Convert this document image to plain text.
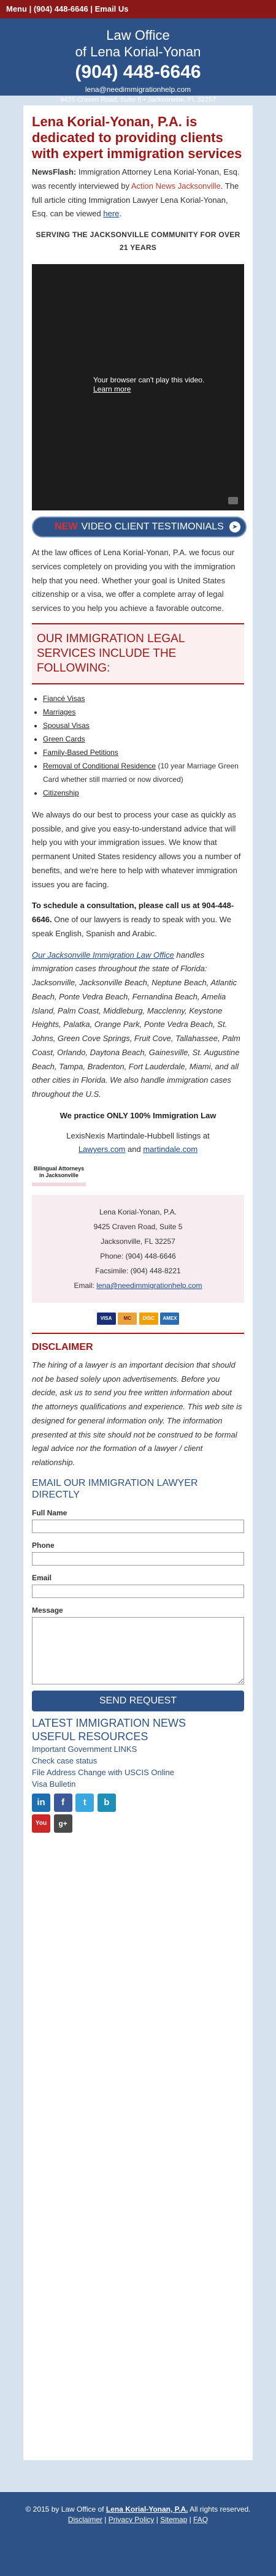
Menu | (904) 448-6646 | Email Us
Law Office
of Lena Korial-Yonan
(904) 448-6646
lena@needimmigrationhelp.com
9425 Craven Road, Suite 5 • Jacksonville, FL 32257
Lena Korial-Yonan, P.A. is dedicated to providing clients with expert immigration services

NewsFlash: Immigration Attorney Lena Korial-Yonan, Esq. was recently interviewed by Action News Jacksonville. The full article citing Immigration Lawyer Lena Korial-Yonan, Esq. can be viewed here.

SERVING THE JACKSONVILLE COMMUNITY FOR OVER 21 YEARS
Your browser can't play this video.
Learn more
NEW VIDEO CLIENT TESTIMONIALS	➤

At the law offices of Lena Korial-Yonan, P.A. we focus our services completely on providing you with the immigration help that you need. Whether your goal is United States citizenship or a visa, we offer a complete array of legal services to you help you achieve a favorable outcome.

OUR IMMIGRATION LEGAL SERVICES INCLUDE THE FOLLOWING:
• Fiancé Visas
• Marriages
• Spousal Visas
• Green Cards
• Family-Based Petitions
• Removal of Conditional Residence (10 year Marriage Green Card whether still married or now divorced)
• Citizenship

We always do our best to process your case as quickly as possible, and give you easy-to-understand advice that will help you with your immigration issues. We know that permanent United States residency allows you a number of benefits, and we're here to help with whatever immigration issues you are facing.

To schedule a consultation, please call us at 904-448-6646. One of our lawyers is ready to speak with you. We speak English, Spanish and Arabic.

Our Jacksonville Immigration Law Office handles immigration cases throughout the state of Florida: Jacksonville, Jacksonville Beach, Neptune Beach, Atlantic Beach, Ponte Vedra Beach, Fernandina Beach, Amelia Island, Palm Coast, Middleburg, Macclenny, Keystone Heights, Palatka, Orange Park, Ponte Vedra Beach, St. Johns, Green Cove Springs, Fruit Cove, Tallahassee, Palm Coast, Orlando, Daytona Beach, Gainesville, St. Augustine Beach, Tampa, Bradenton, Fort Lauderdale, Miami, and all other cities in Florida. We also handle immigration cases throughout the U.S.

We practice ONLY 100% Immigration Law
LexisNexis Martindale-Hubbell listings at
Lawyers.com and martindale.com
Bilingual Attorneys in Jacksonville
Lena Korial-Yonan, P.A.
9425 Craven Road, Suite 5
Jacksonville, FL 32257
Phone: (904) 448-6646
Facsimile: (904) 448-8221
Email: lena@needimmigrationhelp.com
VISA MC DISC AMEX
DISCLAIMER

The hiring of a lawyer is an important decision that should not be based solely upon advertisements. Before you decide, ask us to send you free written information about the attorneys qualifications and experience. This web site is designed for general information only. The information presented at this site should not be construed to be formal legal advice nor the formation of a lawyer / client relationship.

EMAIL OUR IMMIGRATION LAWYER DIRECTLY
Full Name
Phone
Email
Message
SEND REQUEST
LATEST IMMIGRATION NEWS
USEFUL RESOURCES
Important Government LINKS
Check case status
File Address Change with USCIS Online
Visa Bulletin
in f t b
You g+
© 2015 by Law Office of Lena Korial-Yonan, P.A. All rights reserved.
Disclaimer | Privacy Policy | Sitemap | FAQ
